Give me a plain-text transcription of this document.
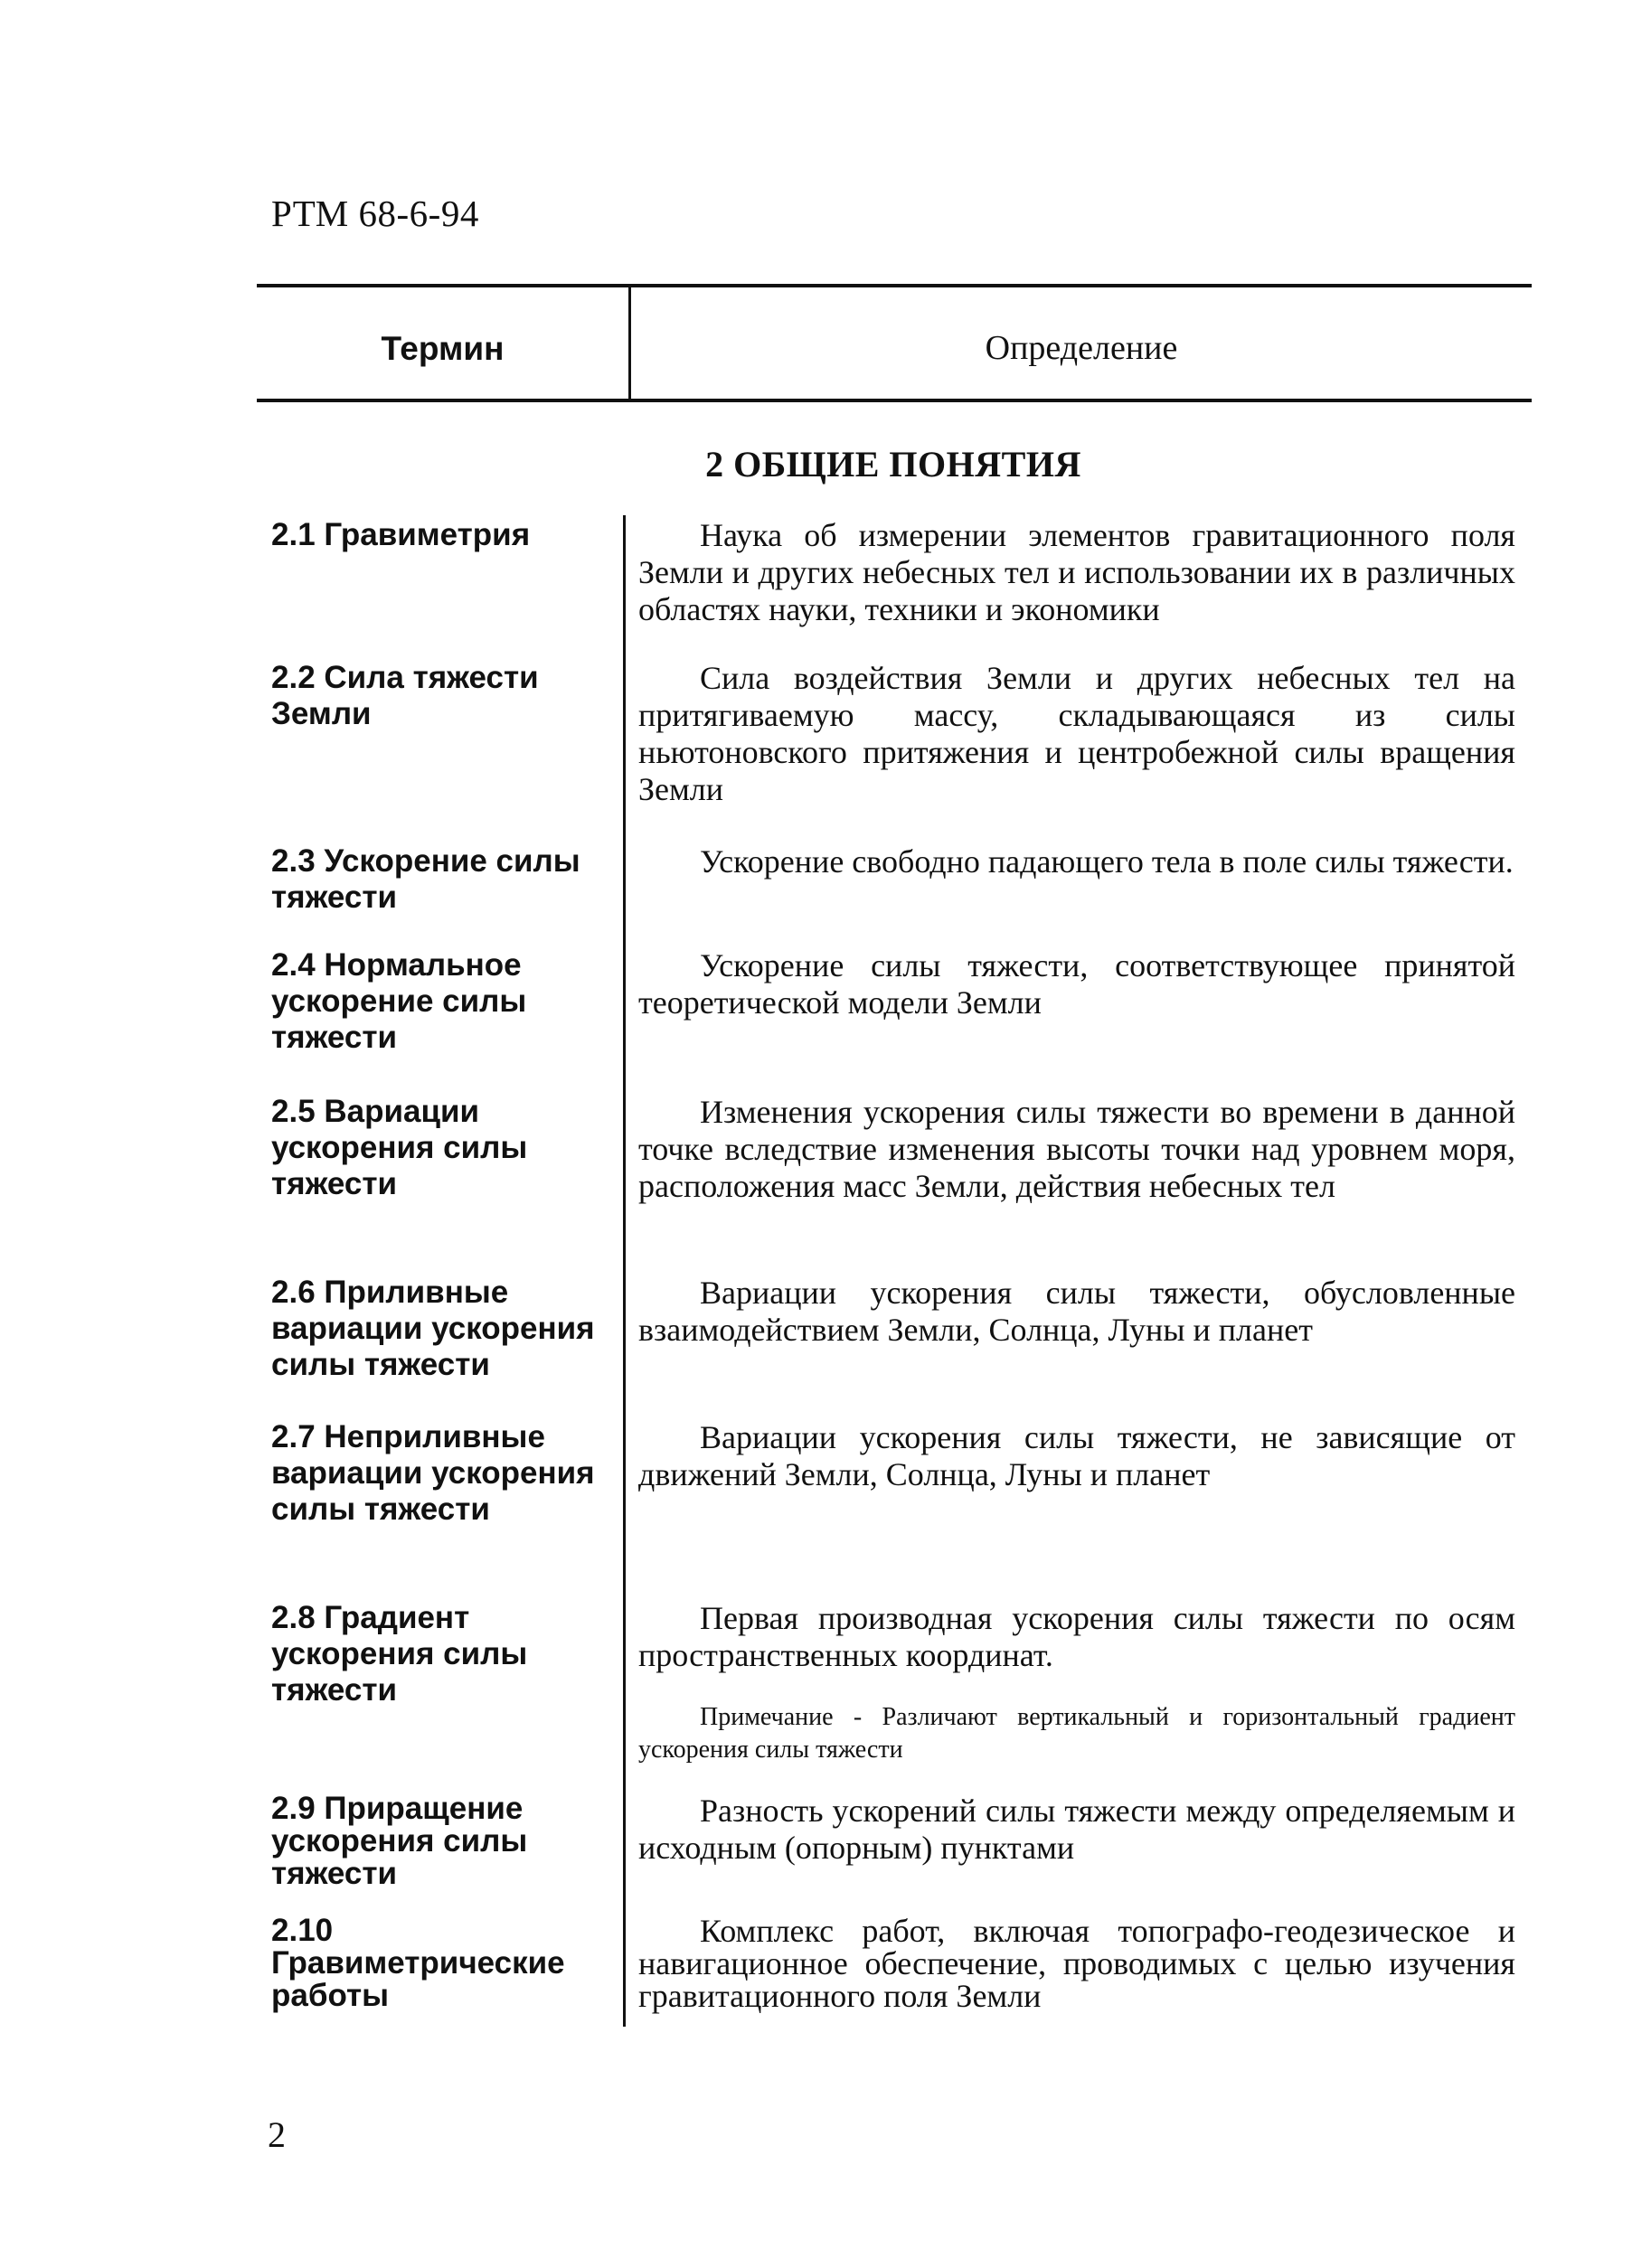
РТМ 68-6-94
Термин	Определение
2 ОБЩИЕ ПОНЯТИЯ
2.1 Гравиметрия	Наука об измерении элементов гравитационного поля Земли и других небесных тел и использовании их в различных областях науки, техники и экономики
2.2 Сила тяжести Земли
Сила воздействия Земли и других небесных тел на притягиваемую массу, складывающаяся из силы ньютоновского притяжения и центробежной силы вращения Земли
2.3 Ускорение силы тяжести
Ускорение свободно падающего тела в поле силы тяжести.
2.4 Нормальное ускорение силы тяжести
Ускорение силы тяжести, соответствующее принятой теоретической модели Земли
2.5 Вариации ускорения силы тяжести
Изменения ускорения силы тяжести во времени в данной точке вследствие изменения высоты точки над уровнем моря, расположения масс Земли, действия небесных тел
2.6 Приливные вариации ускорения силы тяжести
Вариации ускорения силы тяжести, обусловленные взаимодействием Земли, Солнца, Луны и планет
2.7 Неприливные вариации ускорения силы тяжести
Вариации ускорения силы тяжести, не зависящие от движений Земли, Солнца, Луны и планет
2.8 Градиент ускорения силы тяжести
Первая производная ускорения силы тяжести по осям пространственных координат.
Примечание - Различают вертикальный и горизонтальный градиент ускорения силы тяжести
2.9 Приращение ускорения силы тяжести
Разность ускорений силы тяжести между определяемым и исходным (опорным) пунктами
2.10 Гравиметрические работы
Комплекс работ, включая топографо-геодезическое и навигационное обеспечение, проводимых с целью изучения гравитационного поля Земли
2
